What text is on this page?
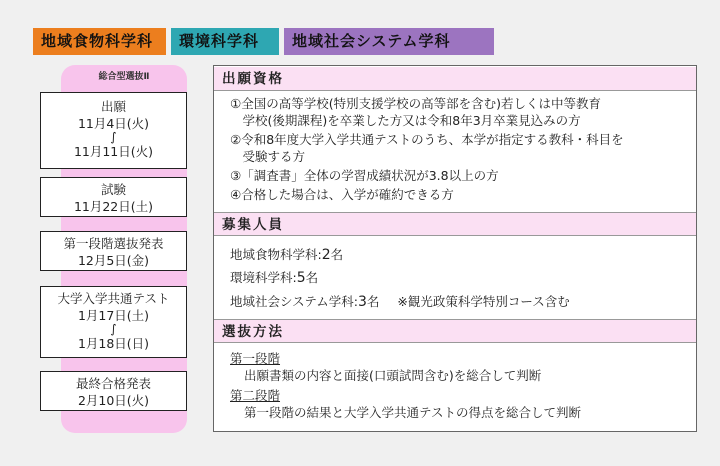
地域食物科学科	環境科学科	地域社会システム学科
総合型選抜Ⅱ
出願
11月4日(火)
∫
11月11日(火)
試験
11月22日(土)
第一段階選抜発表
12月5日(金)
大学入学共通テスト
1月17日(土)
∫
1月18日(日)
最終合格発表
2月10日(火)
出願資格
①全国の高等学校(特別支援学校の高等部を含む)若しくは中等教育
　学校(後期課程)を卒業した方又は令和8年3月卒業見込みの方
②令和8年度大学入学共通テストのうち、本学が指定する教科・科目を
　受験する方
③「調査書」全体の学習成績状況が3.8以上の方
④合格した場合は、入学が確約できる方
募集人員
地域食物科学科:2名
環境科学科:5名
地域社会システム学科:3名 ※観光政策科学特別コース含む
選抜方法
第一段階
出願書類の内容と面接(口頭試問含む)を総合して判断
第二段階
第一段階の結果と大学入学共通テストの得点を総合して判断
